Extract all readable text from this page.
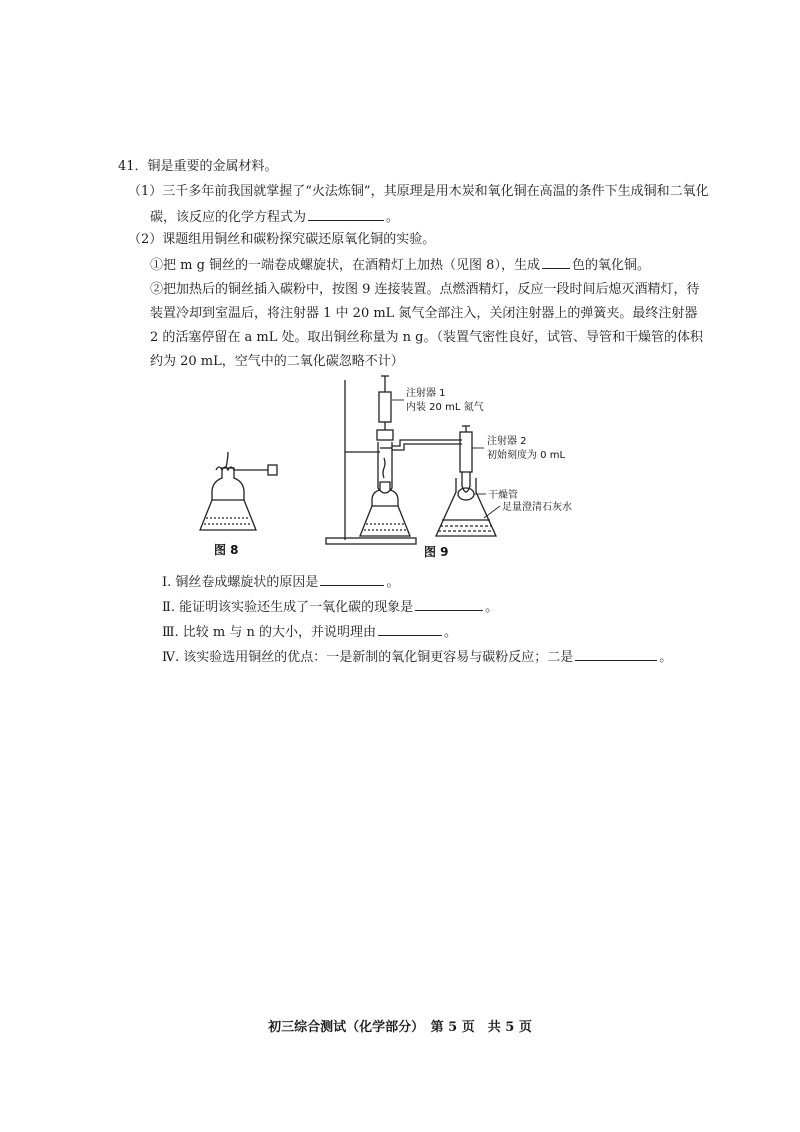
41．铜是重要的金属材料。
（1）三千多年前我国就掌握了“火法炼铜”，其原理是用木炭和氧化铜在高温的条件下生成铜和二氧化
碳，该反应的化学方程式为	。
（2）课题组用铜丝和碳粉探究碳还原氧化铜的实验。
①把 m g 铜丝的一端卷成螺旋状，在酒精灯上加热（见图 8），生成 色的氧化铜。
②把加热后的铜丝插入碳粉中，按图 9 连接装置。点燃酒精灯，反应一段时间后熄灭酒精灯，待
装置冷却到室温后，将注射器 1 中 20 mL 氮气全部注入，关闭注射器上的弹簧夹。最终注射器
2 的活塞停留在 a mL 处。取出铜丝称量为 n g。（装置气密性良好，试管、导管和干燥管的体积
约为 20 mL，空气中的二氧化碳忽略不计）
注射器 1
内装 20 mL 氮气
注射器 2
初始刻度为 0 mL
干燥管
足量澄清石灰水
图 8	图 9
Ⅰ. 铜丝卷成螺旋状的原因是	。
Ⅱ. 能证明该实验还生成了一氧化碳的现象是	。
Ⅲ. 比较 m 与 n 的大小，并说明理由	。
Ⅳ. 该实验选用铜丝的优点：一是新制的氧化铜更容易与碳粉反应；二是	。
初三综合测试（化学部分）　第 5 页　共 5 页
